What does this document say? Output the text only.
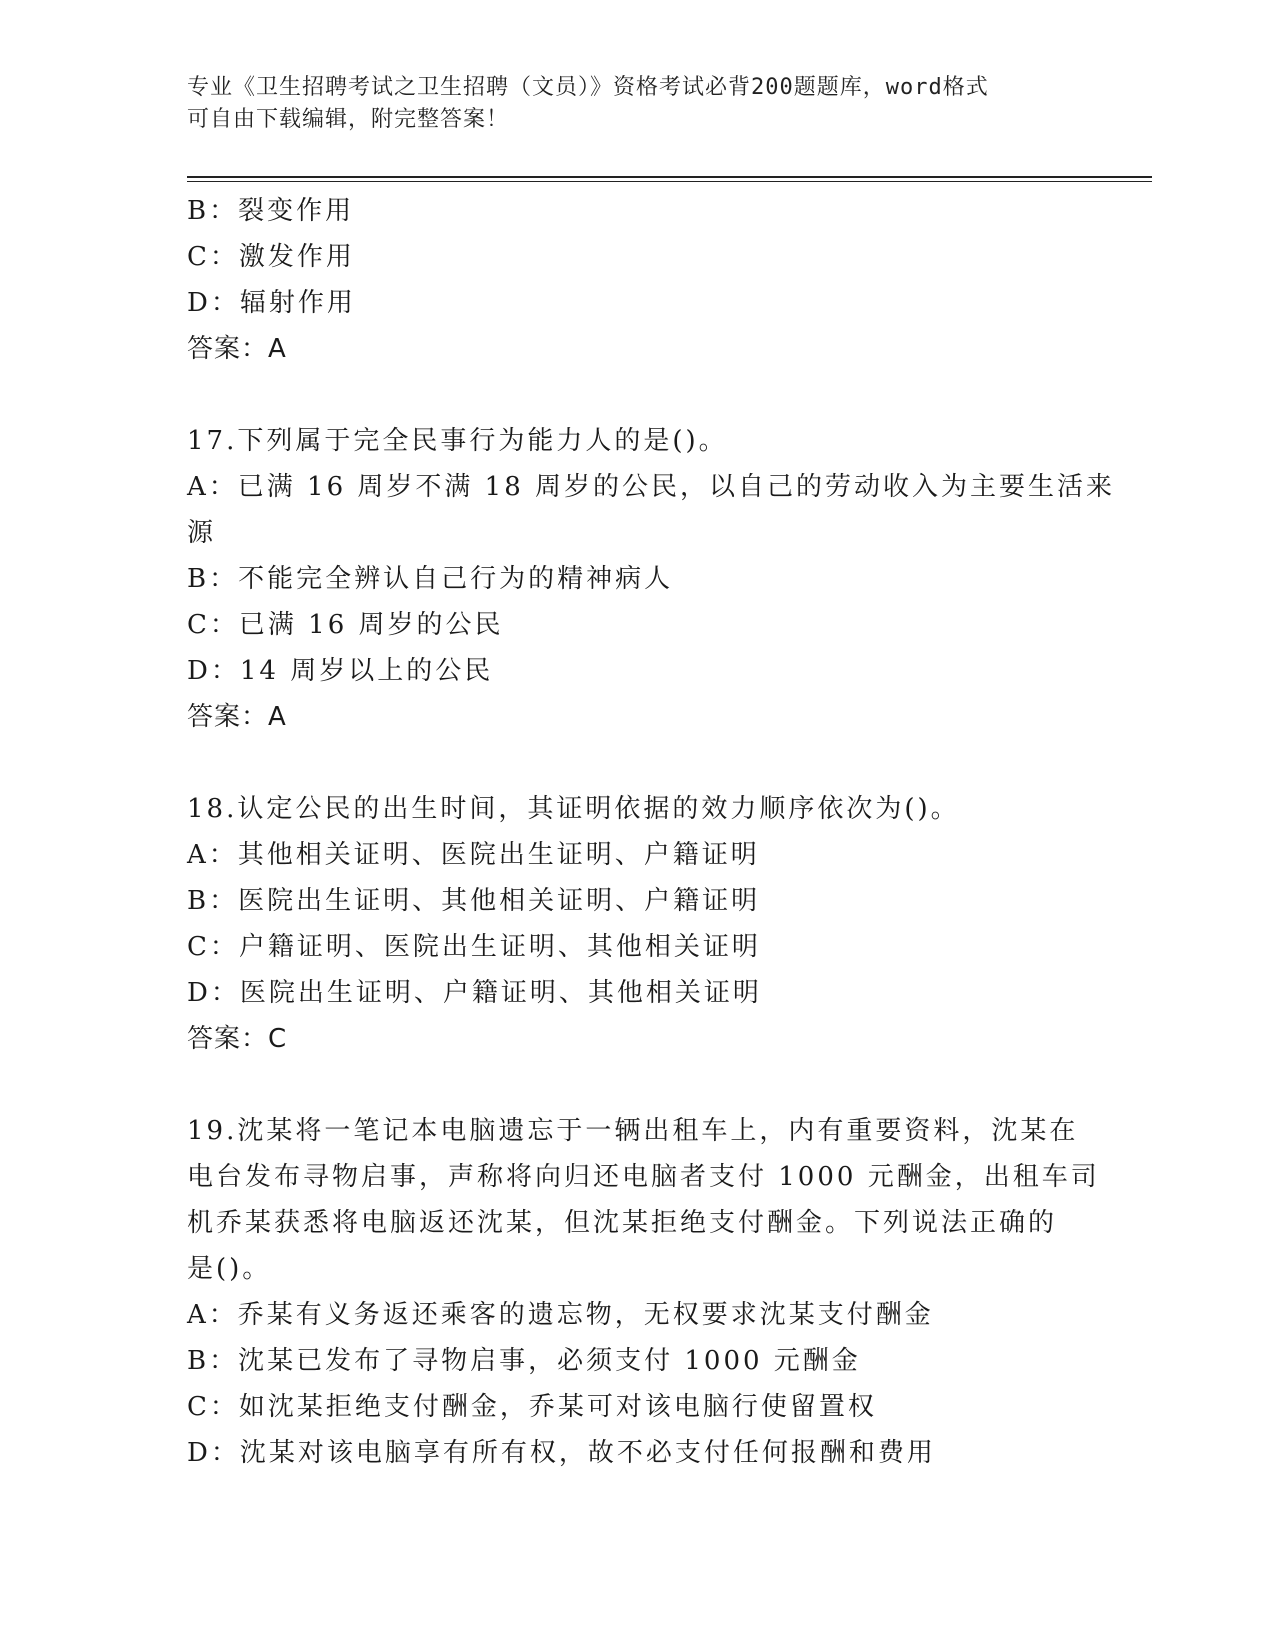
专业《卫生招聘考试之卫生招聘（文员）》资格考试必背200题题库，word格式
可自由下载编辑，附完整答案！
B：裂变作用
C：激发作用
D：辐射作用
答案：A
17.下列属于完全民事行为能力人的是()。
A：已满 16 周岁不满 18 周岁的公民，以自己的劳动收入为主要生活来
源
B：不能完全辨认自己行为的精神病人
C：已满 16 周岁的公民
D：14 周岁以上的公民
答案：A
18.认定公民的出生时间，其证明依据的效力顺序依次为()。
A：其他相关证明、医院出生证明、户籍证明
B：医院出生证明、其他相关证明、户籍证明
C：户籍证明、医院出生证明、其他相关证明
D：医院出生证明、户籍证明、其他相关证明
答案：C
19.沈某将一笔记本电脑遗忘于一辆出租车上，内有重要资料，沈某在
电台发布寻物启事，声称将向归还电脑者支付 1000 元酬金，出租车司
机乔某获悉将电脑返还沈某，但沈某拒绝支付酬金。下列说法正确的
是()。
A：乔某有义务返还乘客的遗忘物，无权要求沈某支付酬金
B：沈某已发布了寻物启事，必须支付 1000 元酬金
C：如沈某拒绝支付酬金，乔某可对该电脑行使留置权
D：沈某对该电脑享有所有权，故不必支付任何报酬和费用
